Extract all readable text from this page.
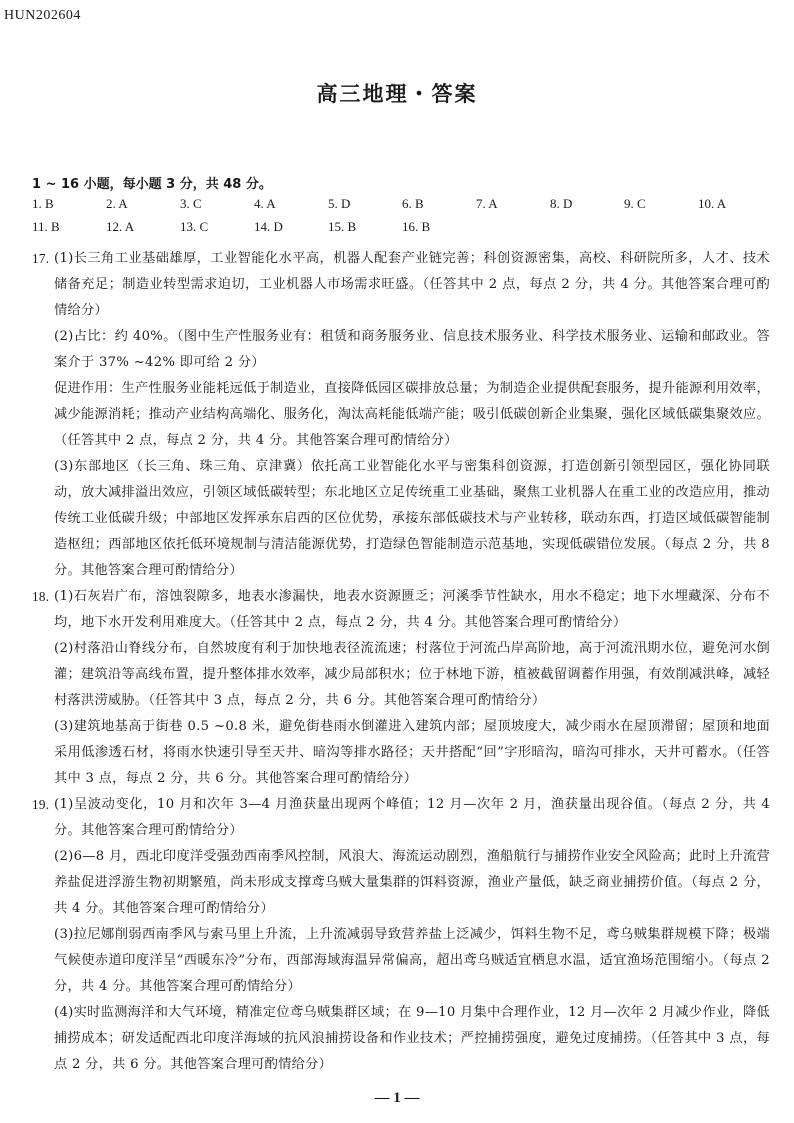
HUN202604
高三地理・答案
1 ~ 16 小题，每小题 3 分，共 48 分。
1. B	2. A	3. C	4. A	5. D	6. B	7. A	8. D	9. C	10. A
11. B	12. A	13. C	14. D	15. B	16. B
17. (1)长三角工业基础雄厚，工业智能化水平高，机器人配套产业链完善；科创资源密集，高校、科研院所多，人才、技术储备充足；制造业转型需求迫切，工业机器人市场需求旺盛。（任答其中 2 点，每点 2 分，共 4 分。其他答案合理可酌情给分）

(2)占比：约 40%。（图中生产性服务业有：租赁和商务服务业、信息技术服务业、科学技术服务业、运输和邮政业。答案介于 37% ~42% 即可给 2 分）

促进作用：生产性服务业能耗远低于制造业，直接降低园区碳排放总量；为制造企业提供配套服务，提升能源利用效率，减少能源消耗；推动产业结构高端化、服务化，淘汰高耗能低端产能；吸引低碳创新企业集聚，强化区域低碳集聚效应。（任答其中 2 点，每点 2 分，共 4 分。其他答案合理可酌情给分）

(3)东部地区（长三角、珠三角、京津冀）依托高工业智能化水平与密集科创资源，打造创新引领型园区，强化协同联动，放大减排溢出效应，引领区域低碳转型；东北地区立足传统重工业基础，聚焦工业机器人在重工业的改造应用，推动传统工业低碳升级；中部地区发挥承东启西的区位优势，承接东部低碳技术与产业转移，联动东西，打造区域低碳智能制造枢纽；西部地区依托低环境规制与清洁能源优势，打造绿色智能制造示范基地，实现低碳错位发展。（每点 2 分，共 8 分。其他答案合理可酌情给分）

18. (1)石灰岩广布，溶蚀裂隙多，地表水渗漏快，地表水资源匮乏；河溪季节性缺水，用水不稳定；地下水埋藏深、分布不均，地下水开发利用难度大。（任答其中 2 点，每点 2 分，共 4 分。其他答案合理可酌情给分）

(2)村落沿山脊线分布，自然坡度有利于加快地表径流流速；村落位于河流凸岸高阶地，高于河流汛期水位，避免河水倒灌；建筑沿等高线布置，提升整体排水效率，减少局部积水；位于林地下游，植被截留调蓄作用强，有效削减洪峰，减轻村落洪涝威胁。（任答其中 3 点，每点 2 分，共 6 分。其他答案合理可酌情给分）

(3)建筑地基高于街巷 0.5 ~0.8 米，避免街巷雨水倒灌进入建筑内部；屋顶坡度大，减少雨水在屋顶滞留；屋顶和地面采用低渗透石材，将雨水快速引导至天井、暗沟等排水路径；天井搭配“回”字形暗沟，暗沟可排水，天井可蓄水。（任答其中 3 点，每点 2 分，共 6 分。其他答案合理可酌情给分）

19. (1)呈波动变化，10 月和次年 3—4 月渔获量出现两个峰值；12 月—次年 2 月，渔获量出现谷值。（每点 2 分，共 4 分。其他答案合理可酌情给分）

(2)6—8 月，西北印度洋受强劲西南季风控制，风浪大、海流运动剧烈，渔船航行与捕捞作业安全风险高；此时上升流营养盐促进浮游生物初期繁殖，尚未形成支撑鸢乌贼大量集群的饵料资源，渔业产量低，缺乏商业捕捞价值。（每点 2 分，共 4 分。其他答案合理可酌情给分）

(3)拉尼娜削弱西南季风与索马里上升流，上升流减弱导致营养盐上泛减少，饵料生物不足，鸢乌贼集群规模下降；极端气候使赤道印度洋呈“西暖东冷”分布，西部海域海温异常偏高，超出鸢乌贼适宜栖息水温，适宜渔场范围缩小。（每点 2 分，共 4 分。其他答案合理可酌情给分）

(4)实时监测海洋和大气环境，精准定位鸢乌贼集群区域；在 9—10 月集中合理作业，12 月—次年 2 月减少作业，降低捕捞成本；研发适配西北印度洋海域的抗风浪捕捞设备和作业技术；严控捕捞强度，避免过度捕捞。（任答其中 3 点，每点 2 分，共 6 分。其他答案合理可酌情给分）

— 1 —
